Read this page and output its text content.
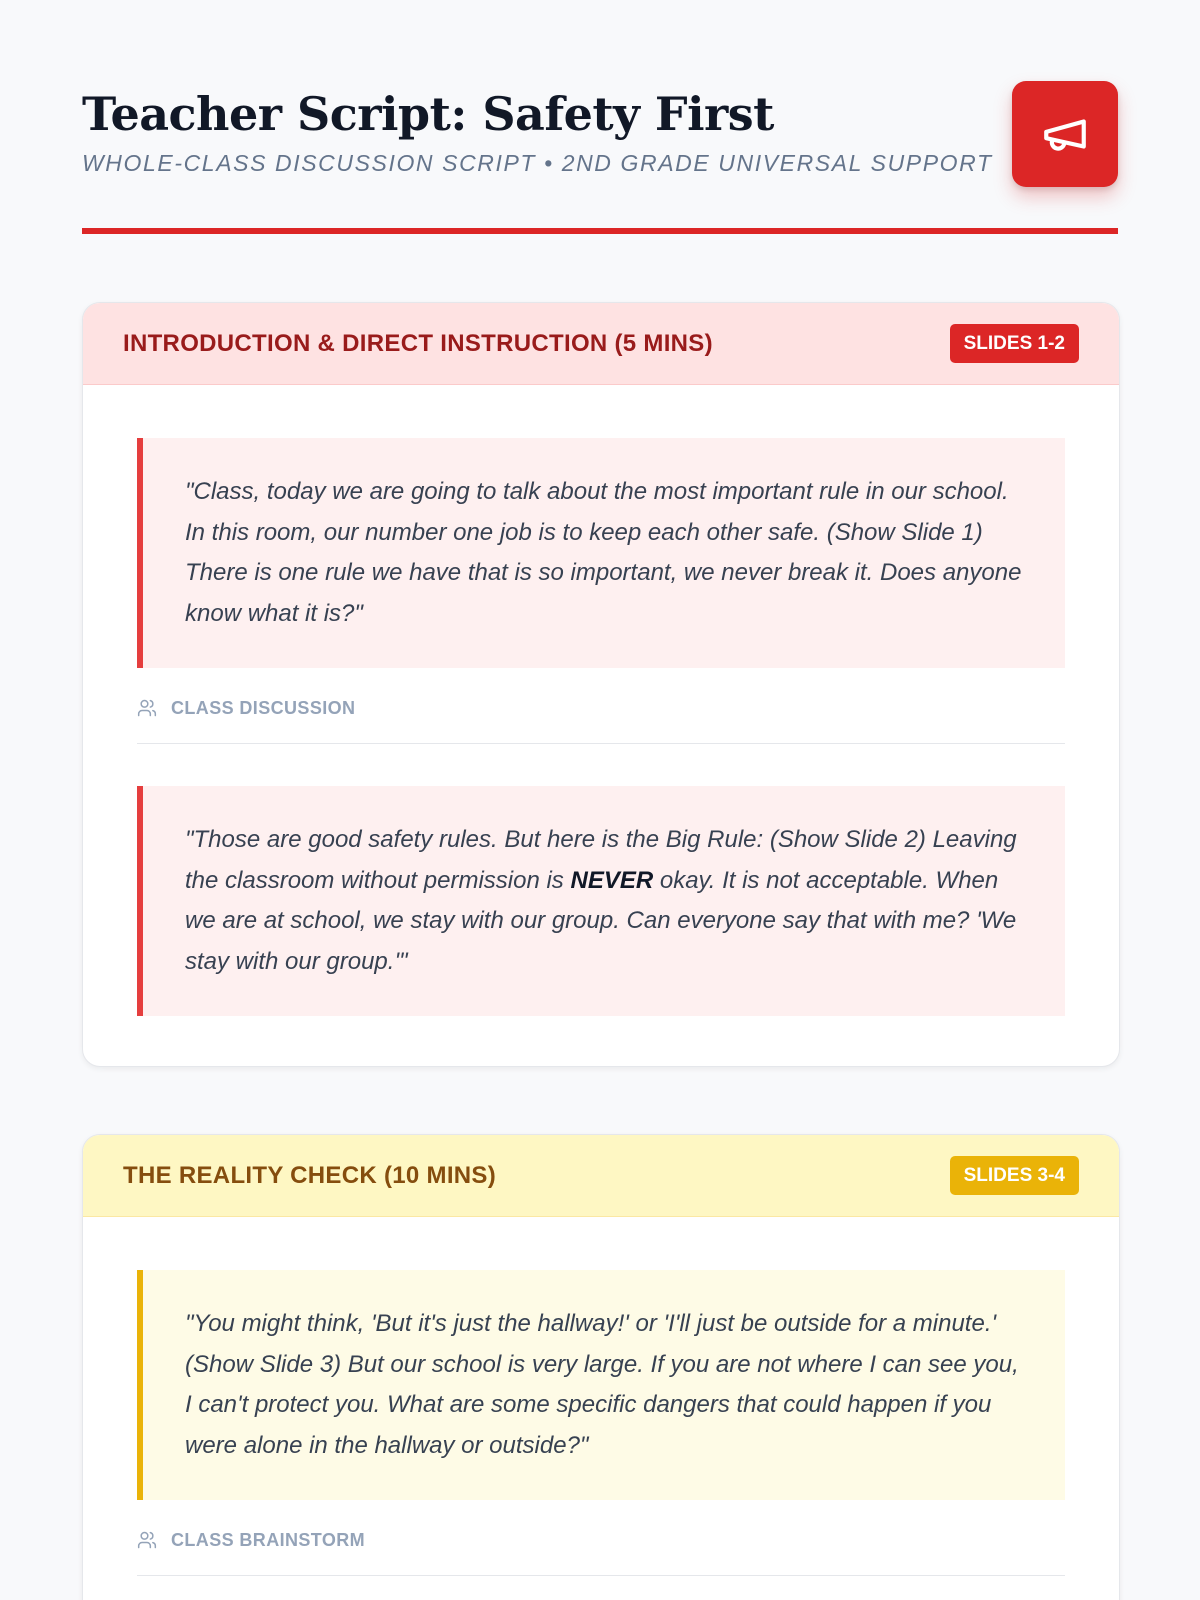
Teacher Script: Safety First
WHOLE-CLASS DISCUSSION SCRIPT • 2ND GRADE UNIVERSAL SUPPORT
INTRODUCTION & DIRECT INSTRUCTION (5 MINS)	SLIDES 1-2
"Class, today we are going to talk about the most important rule in our school. In this room, our number one job is to keep each other safe. (Show Slide 1) There is one rule we have that is so important, we never break it. Does anyone know what it is?"
CLASS DISCUSSION
"Those are good safety rules. But here is the Big Rule: (Show Slide 2) Leaving the classroom without permission is NEVER okay. It is not acceptable. When we are at school, we stay with our group. Can everyone say that with me? 'We stay with our group.'"
THE REALITY CHECK (10 MINS)	SLIDES 3-4
"You might think, 'But it's just the hallway!' or 'I'll just be outside for a minute.' (Show Slide 3) But our school is very large. If you are not where I can see you, I can't protect you. What are some specific dangers that could happen if you were alone in the hallway or outside?"
CLASS BRAINSTORM
